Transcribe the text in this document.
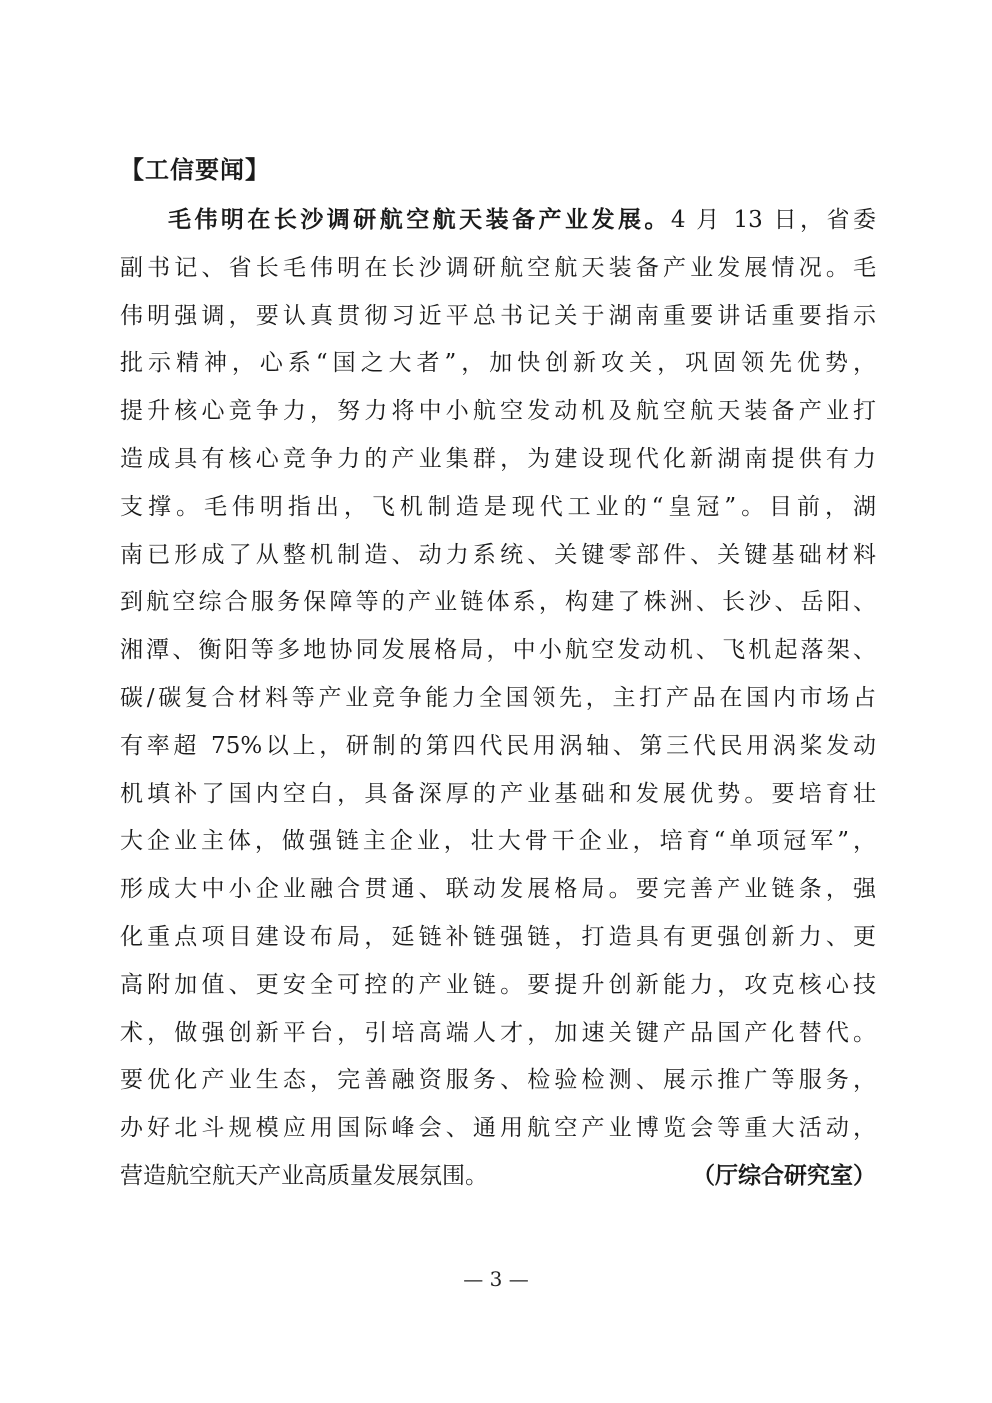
【工信要闻】
毛伟明在长沙调研航空航天装备产业发展。4 月 13 日，省委
副书记、省长毛伟明在长沙调研航空航天装备产业发展情况。毛
伟明强调，要认真贯彻习近平总书记关于湖南重要讲话重要指示
批示精神，心系“国之大者”，加快创新攻关，巩固领先优势，
提升核心竞争力，努力将中小航空发动机及航空航天装备产业打
造成具有核心竞争力的产业集群，为建设现代化新湖南提供有力
支撑。毛伟明指出，飞机制造是现代工业的“皇冠”。目前，湖
南已形成了从整机制造、动力系统、关键零部件、关键基础材料
到航空综合服务保障等的产业链体系，构建了株洲、长沙、岳阳、
湘潭、衡阳等多地协同发展格局，中小航空发动机、飞机起落架、
碳/碳复合材料等产业竞争能力全国领先，主打产品在国内市场占
有率超 75%以上，研制的第四代民用涡轴、第三代民用涡桨发动
机填补了国内空白，具备深厚的产业基础和发展优势。要培育壮
大企业主体，做强链主企业，壮大骨干企业，培育“单项冠军”，
形成大中小企业融合贯通、联动发展格局。要完善产业链条，强
化重点项目建设布局，延链补链强链，打造具有更强创新力、更
高附加值、更安全可控的产业链。要提升创新能力，攻克核心技
术，做强创新平台，引培高端人才，加速关键产品国产化替代。
要优化产业生态，完善融资服务、检验检测、展示推广等服务，
办好北斗规模应用国际峰会、通用航空产业博览会等重大活动，
营造航空航天产业高质量发展氛围。	（厅综合研究室）
— 3 —
